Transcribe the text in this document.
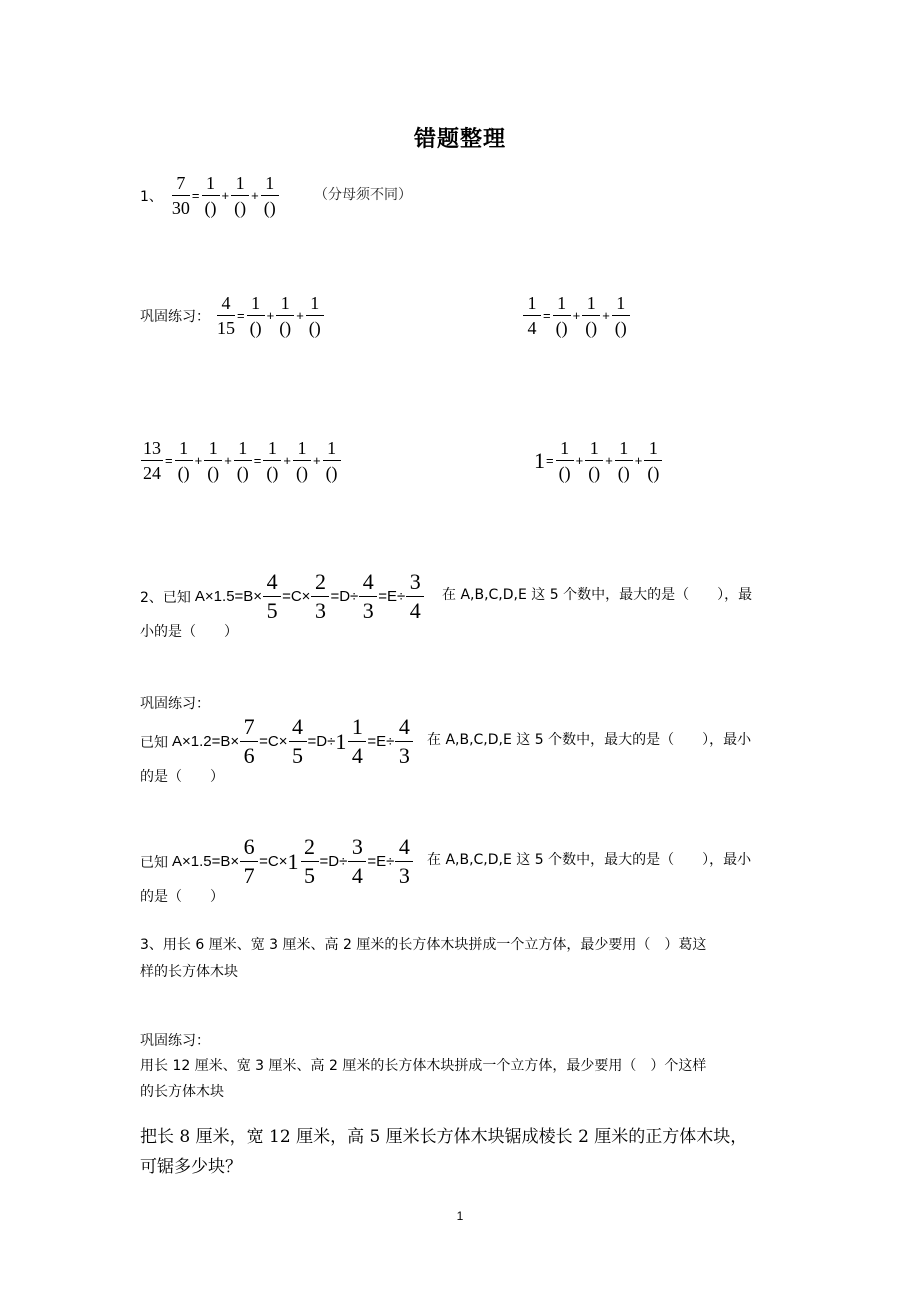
错题整理
1、 $\frac{7}{30} = \frac{1}{()} + \frac{1}{()} + \frac{1}{()}$	（分母须不同）
巩固练习： $\frac{4}{15} = \frac{1}{()} + \frac{1}{()} + \frac{1}{()}$	$\frac{1}{4} = \frac{1}{()} + \frac{1}{()} + \frac{1}{()}$
$\frac{13}{24} = \frac{1}{()} + \frac{1}{()} + \frac{1}{()} = \frac{1}{()} + \frac{1}{()} + \frac{1}{()}$	$1 = \frac{1}{()} + \frac{1}{()} + \frac{1}{()} + \frac{1}{()}$
2、已知 $A\times 1.5=B\times \frac{4}{5} =C\times \frac{2}{3} =D\div \frac{4}{3} =E\div \frac{3}{4}$ 在 A,B,C,D,E 这 5 个数中，最大的是（　　），最
小的是（　　）
巩固练习：
已知 $A\times 1.2=B\times \frac{7}{6} =C\times \frac{4}{5} =D\div 1 \frac{1}{4} =E\div \frac{4}{3}$ 在 A,B,C,D,E 这 5 个数中，最大的是（　　），最小
的是（　　）
已知 $A\times 1.5=B\times \frac{6}{7} =C\times 1 \frac{2}{5} =D\div \frac{3}{4} =E\div \frac{4}{3}$ 在 A,B,C,D,E 这 5 个数中，最大的是（　　），最小
的是（　　）
3、用长 6 厘米、宽 3 厘米、高 2 厘米的长方体木块拼成一个立方体，最少要用（　）葛这
样的长方体木块
巩固练习：
用长 12 厘米、宽 3 厘米、高 2 厘米的长方体木块拼成一个立方体，最少要用（　）个这样
的长方体木块
把长 8 厘米，宽 12 厘米，高 5 厘米长方体木块锯成棱长 2 厘米的正方体木块，
可锯多少块？
1
